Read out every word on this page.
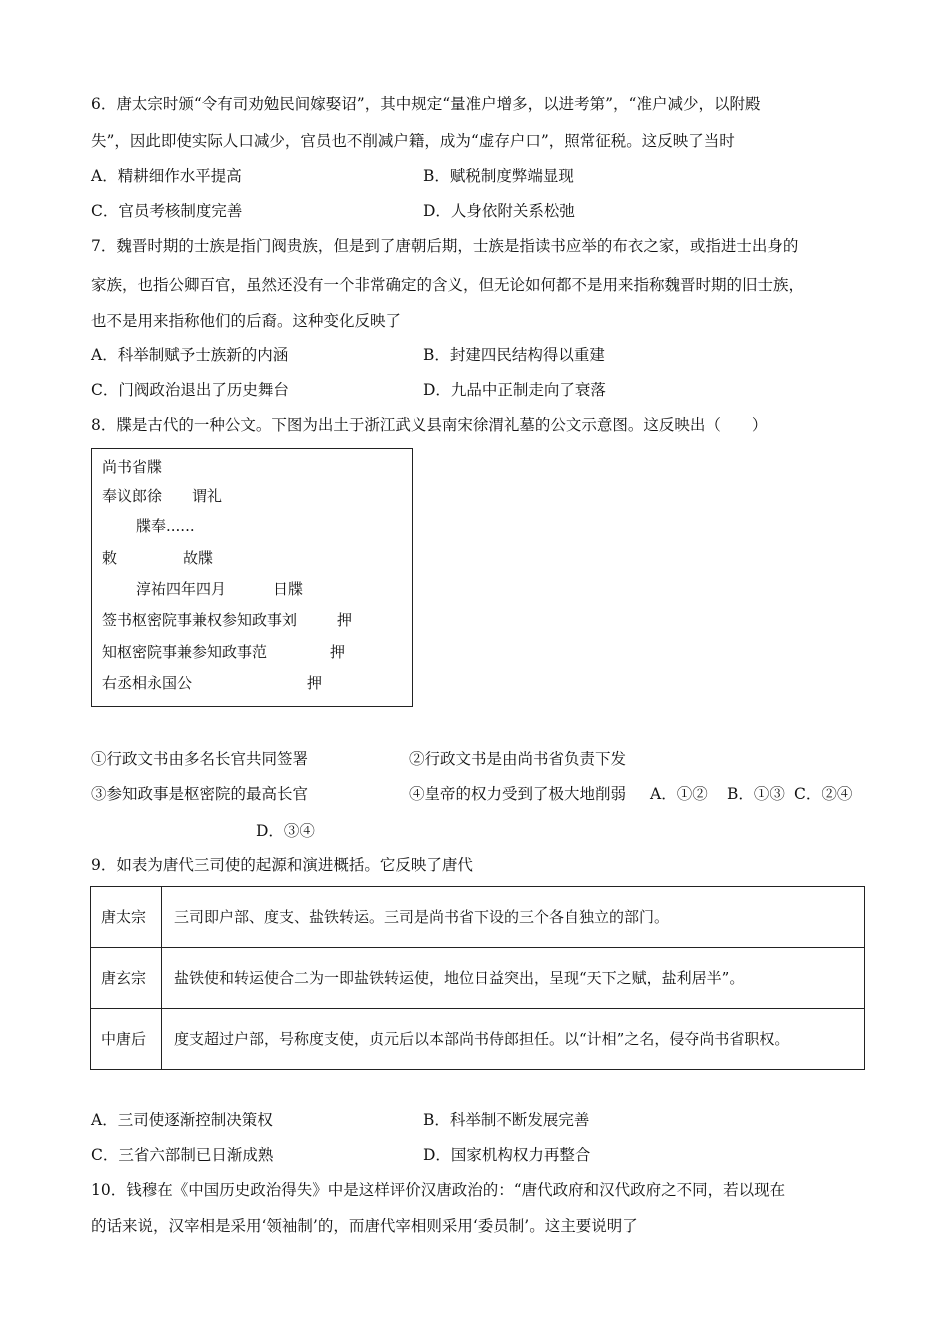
6．唐太宗时颁“令有司劝勉民间嫁娶诏”，其中规定“量准户增多，以进考第”，“准户减少，以附殿
失”，因此即使实际人口减少，官员也不削减户籍，成为“虚存户口”，照常征税。这反映了当时
A．精耕细作水平提高	B．赋税制度弊端显现
C．官员考核制度完善	D．人身依附关系松弛
7．魏晋时期的士族是指门阀贵族，但是到了唐朝后期，士族是指读书应举的布衣之家，或指进士出身的
家族，也指公卿百官，虽然还没有一个非常确定的含义，但无论如何都不是用来指称魏晋时期的旧士族，
也不是用来指称他们的后裔。这种变化反映了
A．科举制赋予士族新的内涵	B．封建四民结构得以重建
C．门阀政治退出了历史舞台	D．九品中正制走向了衰落
8．牒是古代的一种公文。下图为出土于浙江武义县南宋徐渭礼墓的公文示意图。这反映出（　　）
尚书省牒
奉议郎徐　　谓礼
牒奉......
敕	故牒
淳祐四年四月	日牒
签书枢密院事兼权参知政事刘	押
知枢密院事兼参知政事范	押
右丞相永国公	押
①行政文书由多名长官共同签署	②行政文书是由尚书省负责下发
③参知政事是枢密院的最高长官	④皇帝的权力受到了极大地削弱 A．①② B．①③ C．②④
D．③④
9．如表为唐代三司使的起源和演进概括。它反映了唐代
唐太宗	三司即户部、度支、盐铁转运。三司是尚书省下设的三个各自独立的部门。
唐玄宗	盐铁使和转运使合二为一即盐铁转运使，地位日益突出，呈现“天下之赋，盐利居半”。
中唐后	度支超过户部，号称度支使，贞元后以本部尚书侍郎担任。以“计相”之名，侵夺尚书省职权。
A．三司使逐渐控制决策权	B．科举制不断发展完善
C．三省六部制已日渐成熟	D．国家机构权力再整合
10．钱穆在《中国历史政治得失》中是这样评价汉唐政治的：“唐代政府和汉代政府之不同，若以现在
的话来说，汉宰相是采用‘领袖制’的，而唐代宰相则采用‘委员制’。这主要说明了
